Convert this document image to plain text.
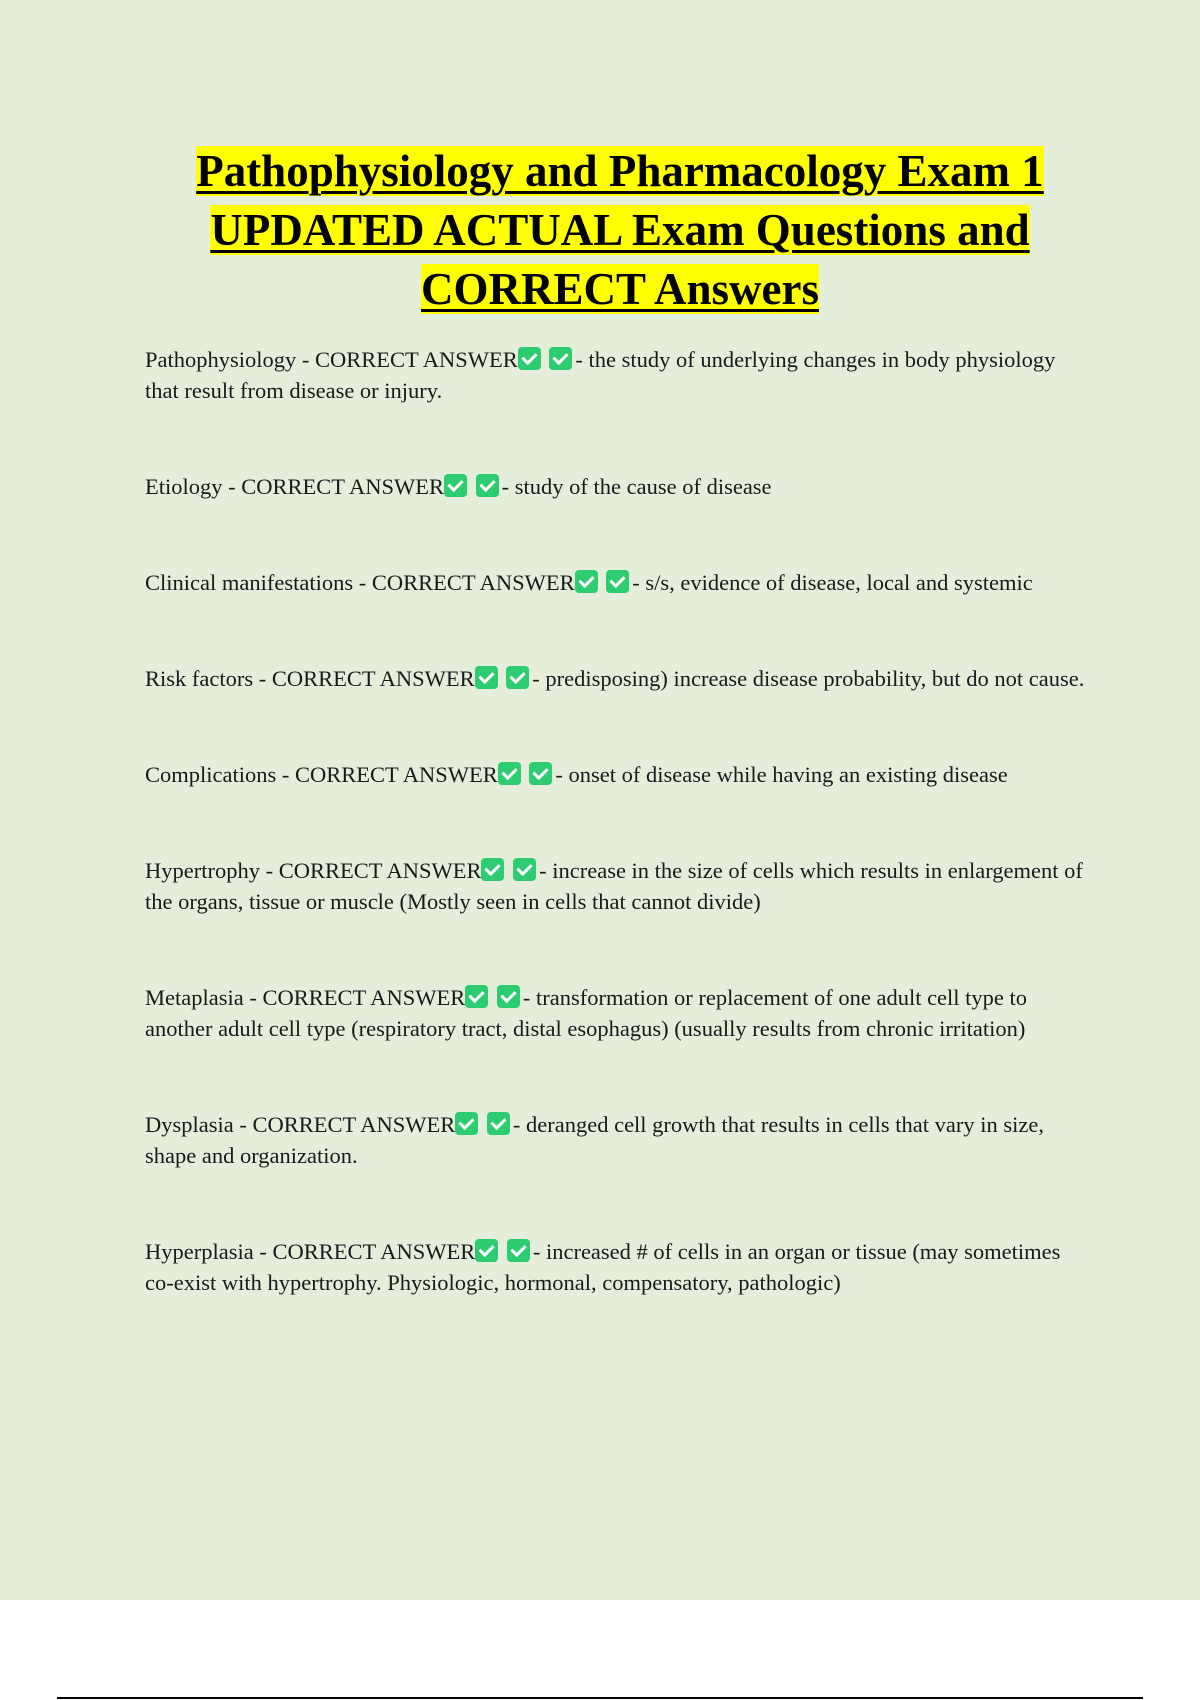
Pathophysiology and Pharmacology Exam 1
UPDATED ACTUAL Exam Questions and
CORRECT Answers

Pathophysiology - CORRECT ANSWER	- the study of underlying changes in body physiology that result from disease or injury.

Etiology - CORRECT ANSWER	- study of the cause of disease

Clinical manifestations - CORRECT ANSWER	- s/s, evidence of disease, local and systemic

Risk factors - CORRECT ANSWER	- predisposing) increase disease probability, but do not cause.

Complications - CORRECT ANSWER	- onset of disease while having an existing disease

Hypertrophy - CORRECT ANSWER	- increase in the size of cells which results in enlargement of the organs, tissue or muscle (Mostly seen in cells that cannot divide)

Metaplasia - CORRECT ANSWER	- transformation or replacement of one adult cell type to another adult cell type (respiratory tract, distal esophagus) (usually results from chronic irritation)

Dysplasia - CORRECT ANSWER	- deranged cell growth that results in cells that vary in size, shape and organization.

Hyperplasia - CORRECT ANSWER	- increased # of cells in an organ or tissue (may sometimes co-exist with hypertrophy. Physiologic, hormonal, compensatory, pathologic)
